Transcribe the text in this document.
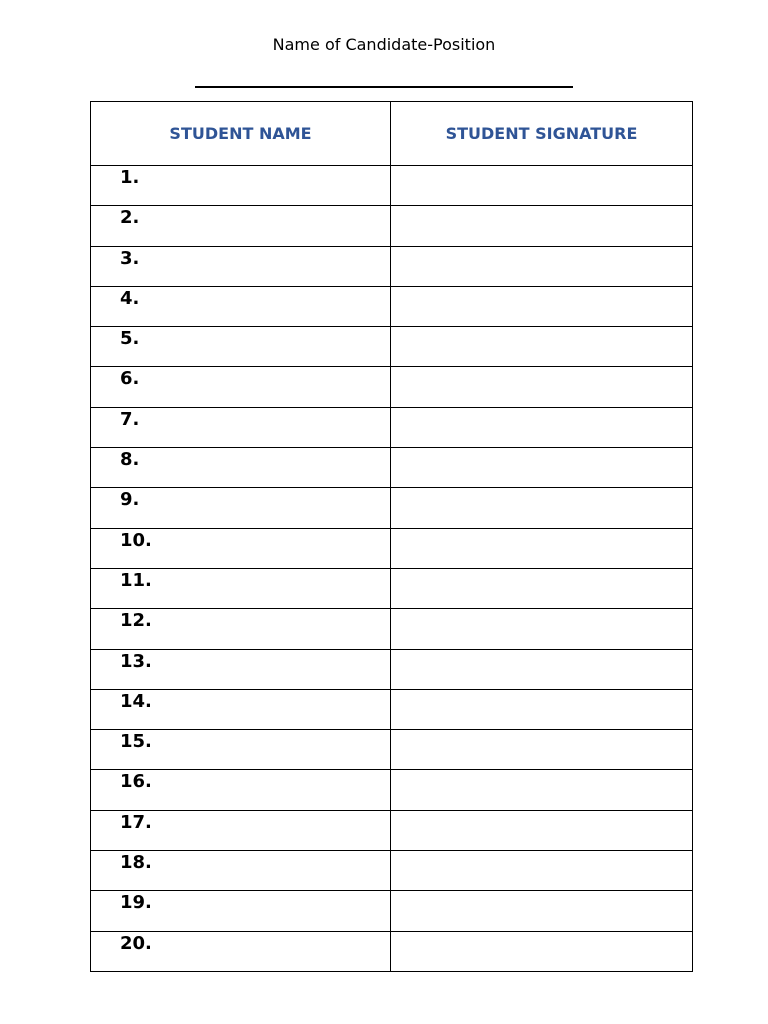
Name of Candidate-Position
STUDENT NAME	STUDENT SIGNATURE

1.	

2.	

3.	

4.	

5.	

6.	

7.	

8.	

9.	

10.	

11.	

12.	

13.	

14.	

15.	

16.	

17.	

18.	

19.	

20.	
